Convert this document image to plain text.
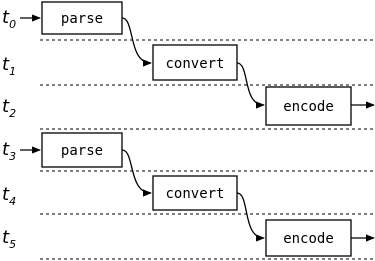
$t_0$
$t_1$
$t_2$
$t_3$
$t_4$
$t_5$
parse
convert
encode
parse
convert
encode
